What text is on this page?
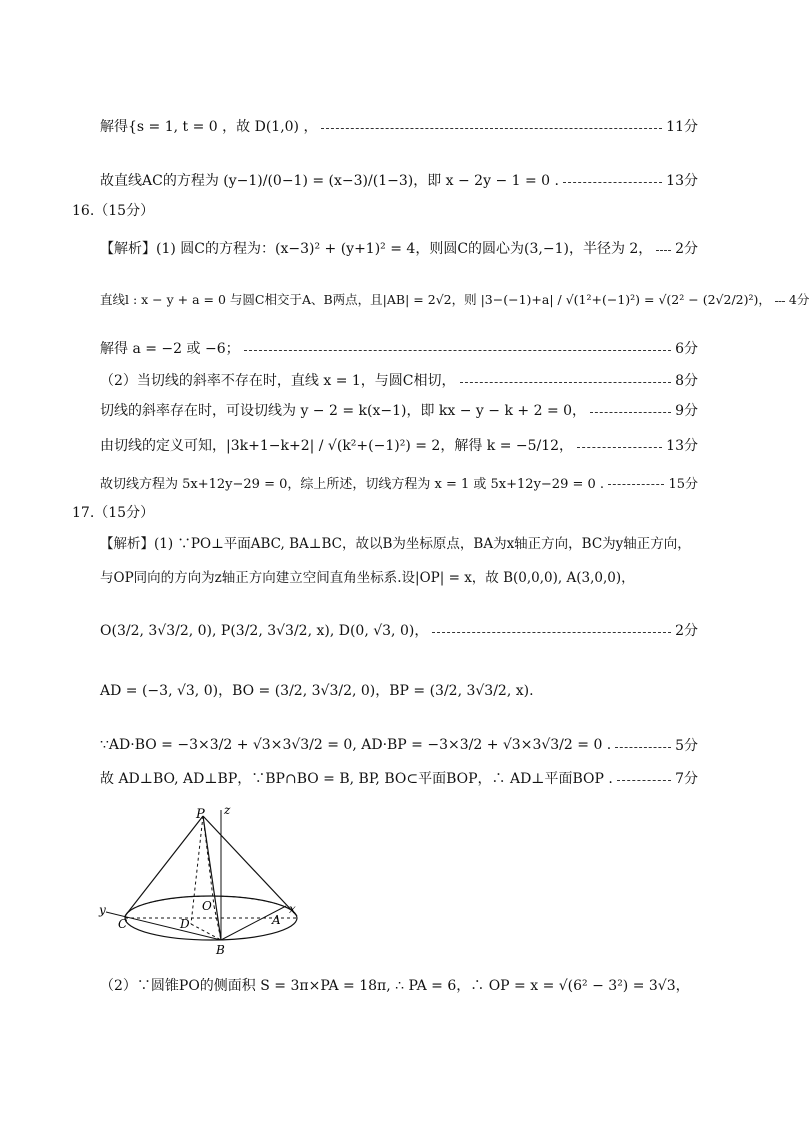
解得{s = 1, t = 0 ，故 D(1,0) ，	11分
故直线AC的方程为 (y−1)/(0−1) = (x−3)/(1−3)，即 x − 2y − 1 = 0 .	13分
16.（15分）
【解析】(1) 圆C的方程为：(x−3)² + (y+1)² = 4，则圆C的圆心为(3,−1)，半径为 2， 2分
直线l : x − y + a = 0 与圆C相交于A、B两点，且|AB| = 2√2，则 |3−(−1)+a| / √(1²+(−1)²) = √(2² − (2√2/2)²)， 4分
解得 a = −2 或 −6；	6分
（2）当切线的斜率不存在时，直线 x = 1，与圆C相切，	8分
切线的斜率存在时，可设切线为 y − 2 = k(x−1)，即 kx − y − k + 2 = 0，	9分
由切线的定义可知，|3k+1−k+2| / √(k²+(−1)²) = 2，解得 k = −5/12，	13分
故切线方程为 5x+12y−29 = 0，综上所述，切线方程为 x = 1 或 5x+12y−29 = 0 .	15分
17.（15分）
【解析】(1) ∵PO⊥平面ABC, BA⊥BC，故以B为坐标原点，BA为x轴正方向，BC为y轴正方向，
与OP同向的方向为z轴正方向建立空间直角坐标系.设|OP| = x，故 B(0,0,0), A(3,0,0)，
O(3/2, 3√3/2, 0), P(3/2, 3√3/2, x), D(0, √3, 0)，	2分
AD = (−3, √3, 0)，BO = (3/2, 3√3/2, 0)，BP = (3/2, 3√3/2, x).
∵AD·BO = −3×3/2 + √3×3√3/2 = 0, AD·BP = −3×3/2 + √3×3√3/2 = 0 .	5分
故 AD⊥BO, AD⊥BP，∵BP∩BO = B, BP, BO⊂平面BOP，∴ AD⊥平面BOP .	7分
P z
O
D
C	A
B
x
y
（2）∵圆锥PO的侧面积 S = 3π×PA = 18π, ∴ PA = 6，∴ OP = x = √(6² − 3²) = 3√3，
